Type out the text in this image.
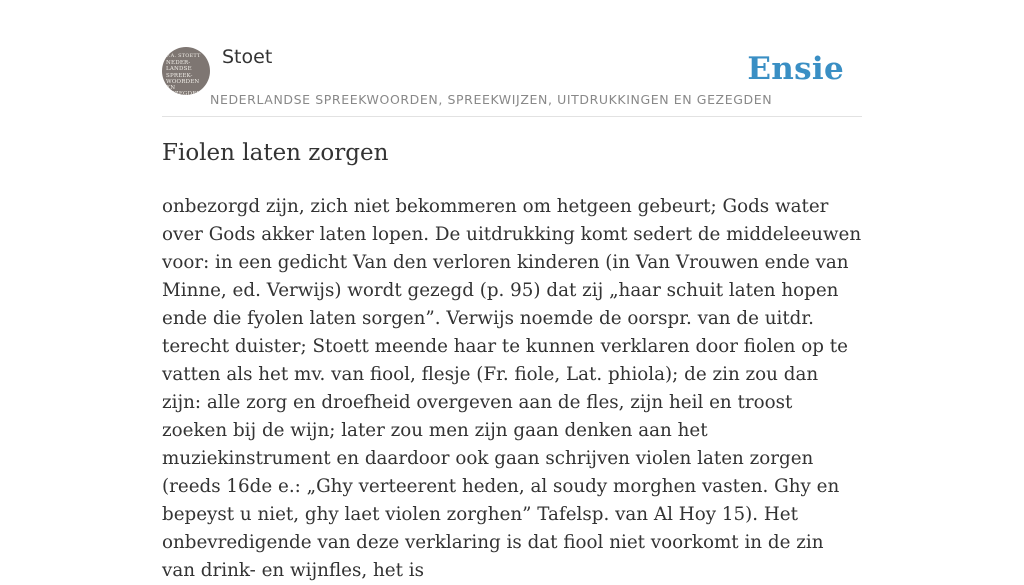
F.A. STOETT
NEDER-
LANDSE
SPREEK-
WOORDEN EN
GEZEGDEN
Stoet
NEDERLANDSE SPREEKWOORDEN, SPREEKWIJZEN, UITDRUKKINGEN EN GEZEGDEN
Ensie
Fiolen laten zorgen

onbezorgd zijn, zich niet bekommeren om hetgeen gebeurt; Gods water over Gods akker laten lopen. De uitdrukking komt sedert de middeleeuwen voor: in een gedicht Van den verloren kinderen (in Van Vrouwen ende van Minne, ed. Verwijs) wordt gezegd (p. 95) dat zij „haar schuit laten hopen ende die fyolen laten sorgen”. Verwijs noemde de oorspr. van de uitdr. terecht duister; Stoett meende haar te kunnen verklaren door fiolen op te vatten als het mv. van fiool, flesje (Fr. fiole, Lat. phiola); de zin zou dan zijn: alle zorg en droefheid overgeven aan de fles, zijn heil en troost zoeken bij de wijn; later zou men zijn gaan denken aan het muziekinstrument en daardoor ook gaan schrijven violen laten zorgen (reeds 16de e.: „Ghy verteerent heden, al soudy morghen vasten. Ghy en bepeyst u niet, ghy laet violen zorghen” Tafelsp. van Al Hoy 15). Het onbevredigende van deze verklaring is dat fiool niet voorkomt in de zin van drink- en wijnfles, het is
